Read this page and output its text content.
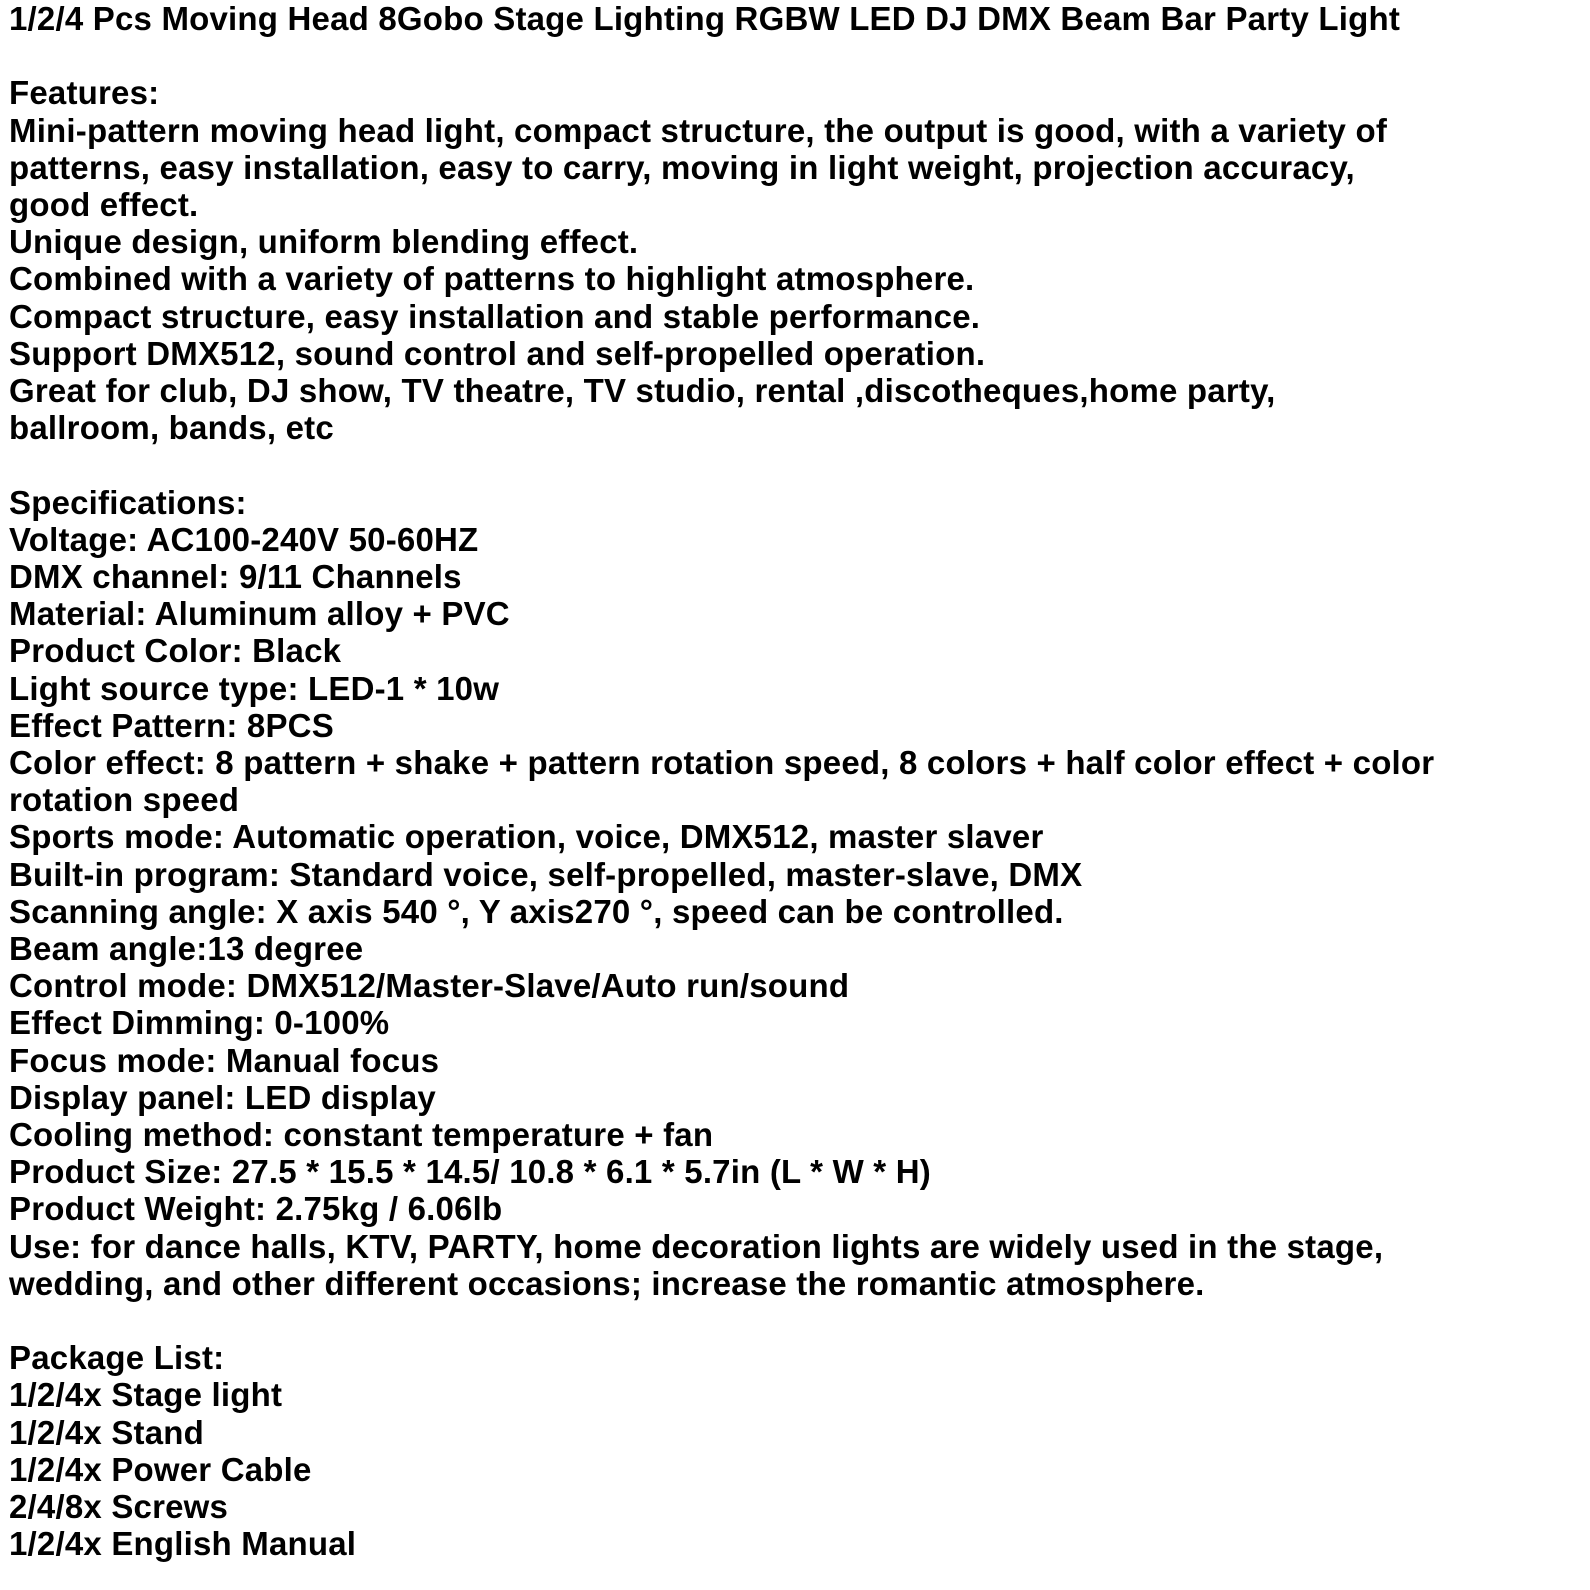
1/2/4 Pcs Moving Head 8Gobo Stage Lighting RGBW LED DJ DMX Beam Bar Party Light
Features:
Mini-pattern moving head light, compact structure, the output is good, with a variety of
patterns, easy installation, easy to carry, moving in light weight, projection accuracy,
good effect.
Unique design, uniform blending effect.
Combined with a variety of patterns to highlight atmosphere.
Compact structure, easy installation and stable performance.
Support DMX512, sound control and self-propelled operation.
Great for club, DJ show, TV theatre, TV studio, rental ,discotheques,home party,
ballroom, bands, etc
Specifications:
Voltage: AC100-240V 50-60HZ
DMX channel: 9/11 Channels
Material: Aluminum alloy + PVC
Product Color: Black
Light source type: LED-1 * 10w
Effect Pattern: 8PCS
Color effect: 8 pattern + shake + pattern rotation speed, 8 colors + half color effect + color
rotation speed
Sports mode: Automatic operation, voice, DMX512, master slaver
Built-in program: Standard voice, self-propelled, master-slave, DMX
Scanning angle: X axis 540 °, Y axis270 °, speed can be controlled.
Beam angle:13 degree
Control mode: DMX512/Master-Slave/Auto run/sound
Effect Dimming: 0-100%
Focus mode: Manual focus
Display panel: LED display
Cooling method: constant temperature + fan
Product Size: 27.5 * 15.5 * 14.5/ 10.8 * 6.1 * 5.7in (L * W * H)
Product Weight: 2.75kg / 6.06lb
Use: for dance halls, KTV, PARTY, home decoration lights are widely used in the stage,
wedding, and other different occasions; increase the romantic atmosphere.
Package List:
1/2/4x Stage light
1/2/4x Stand
1/2/4x Power Cable
2/4/8x Screws
1/2/4x English Manual
